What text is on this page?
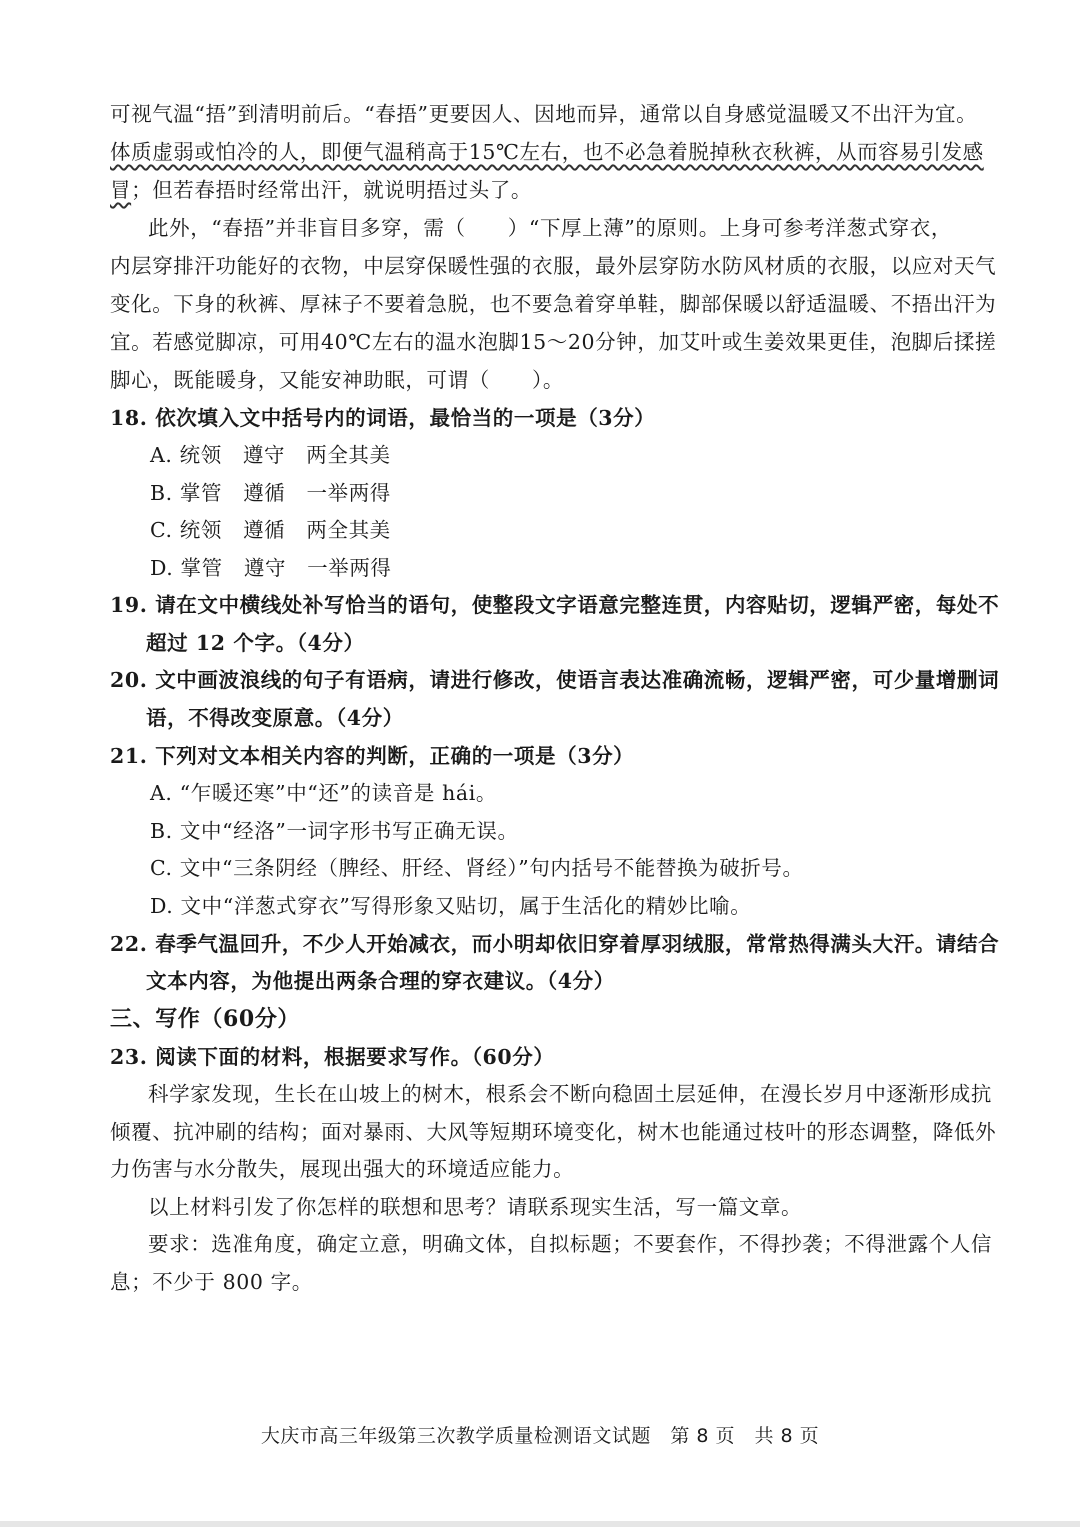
可视气温“捂”到清明前后。“春捂”更要因人、因地而异，通常以自身感觉温暖又不出汗为宜。
体质虚弱或怕冷的人，即便气温稍高于15℃左右，也不必急着脱掉秋衣秋裤，从而容易引发感
冒；但若春捂时经常出汗，就说明捂过头了。
此外，“春捂”并非盲目多穿，需（　　）“下厚上薄”的原则。上身可参考洋葱式穿衣，
内层穿排汗功能好的衣物，中层穿保暖性强的衣服，最外层穿防水防风材质的衣服，以应对天气
变化。下身的秋裤、厚袜子不要着急脱，也不要急着穿单鞋，脚部保暖以舒适温暖、不捂出汗为
宜。若感觉脚凉，可用40℃左右的温水泡脚15～20分钟，加艾叶或生姜效果更佳，泡脚后揉搓
脚心，既能暖身，又能安神助眠，可谓（　　）。
18. 依次填入文中括号内的词语，最恰当的一项是（3分）
A. 统领　遵守　两全其美
B. 掌管　遵循　一举两得
C. 统领　遵循　两全其美
D. 掌管　遵守　一举两得
19. 请在文中横线处补写恰当的语句，使整段文字语意完整连贯，内容贴切，逻辑严密，每处不
超过 12 个字。（4分）
20. 文中画波浪线的句子有语病，请进行修改，使语言表达准确流畅，逻辑严密，可少量增删词
语，不得改变原意。（4分）
21. 下列对文本相关内容的判断，正确的一项是（3分）
A. “乍暖还寒”中“还”的读音是 hái。
B. 文中“经洛”一词字形书写正确无误。
C. 文中“三条阴经（脾经、肝经、肾经）”句内括号不能替换为破折号。
D. 文中“洋葱式穿衣”写得形象又贴切，属于生活化的精妙比喻。
22. 春季气温回升，不少人开始减衣，而小明却依旧穿着厚羽绒服，常常热得满头大汗。请结合
文本内容，为他提出两条合理的穿衣建议。（4分）
三、写作（60分）
23. 阅读下面的材料，根据要求写作。（60分）
科学家发现，生长在山坡上的树木，根系会不断向稳固土层延伸，在漫长岁月中逐渐形成抗
倾覆、抗冲刷的结构；面对暴雨、大风等短期环境变化，树木也能通过枝叶的形态调整，降低外
力伤害与水分散失，展现出强大的环境适应能力。
以上材料引发了你怎样的联想和思考？请联系现实生活，写一篇文章。
要求：选准角度，确定立意，明确文体，自拟标题；不要套作，不得抄袭；不得泄露个人信
息；不少于 800 字。
大庆市高三年级第三次教学质量检测语文试题　第 8 页　共 8 页
